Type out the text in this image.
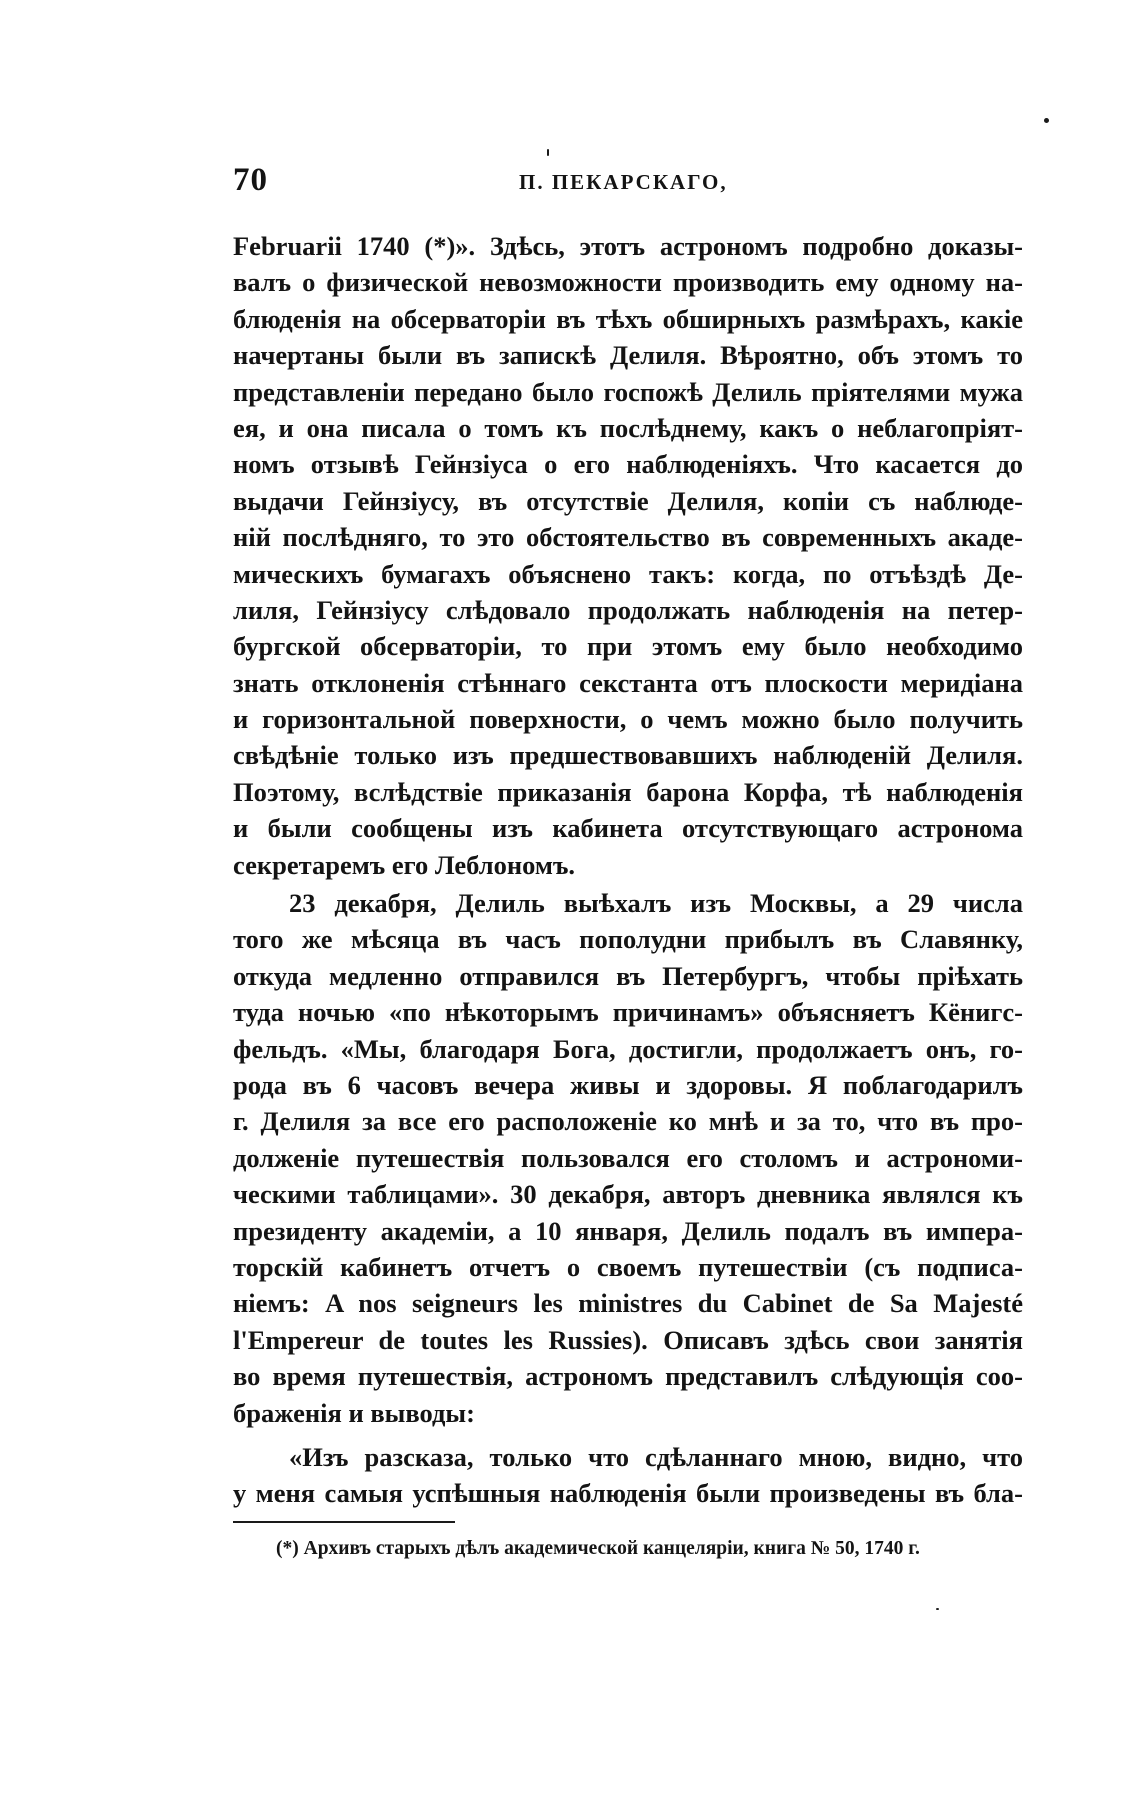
70	П. ПЕКАРСКАГО,
Februarii 1740 (*)». Здѣсь, этотъ астрономъ подробно доказы-
валъ о физической невозможности производить ему одному на-
блюденія на обсерваторіи въ тѣхъ обширныхъ размѣрахъ, какіе
начертаны были въ запискѣ Делиля. Вѣроятно, объ этомъ то
представленіи передано было госпожѣ Делиль пріятелями мужа
ея, и она писала о томъ къ послѣднему, какъ о неблагопріят-
номъ отзывѣ Гейнзіуса о его наблюденіяхъ. Что касается до
выдачи Гейнзіусу, въ отсутствіе Делиля, копіи съ наблюде-
ній послѣдняго, то это обстоятельство въ современныхъ акаде-
мическихъ бумагахъ объяснено такъ: когда, по отъѣздѣ Де-
лиля, Гейнзіусу слѣдовало продолжать наблюденія на петер-
бургской обсерваторіи, то при этомъ ему было необходимо
знать отклоненія стѣннаго секстанта отъ плоскости меридіана
и горизонтальной поверхности, о чемъ можно было получить
свѣдѣніе только изъ предшествовавшихъ наблюденій Делиля.
Поэтому, вслѣдствіе приказанія барона Корфа, тѣ наблюденія
и были сообщены изъ кабинета отсутствующаго астронома
секретаремъ его Леблономъ.
23 декабря, Делиль выѣхалъ изъ Москвы, а 29 числа
того же мѣсяца въ часъ пополудни прибылъ въ Славянку,
откуда медленно отправился въ Петербургъ, чтобы пріѣхать
туда ночью «по нѣкоторымъ причинамъ» объясняетъ Кёнигс-
фельдъ. «Мы, благодаря Бога, достигли, продолжаетъ онъ, го-
рода въ 6 часовъ вечера живы и здоровы. Я поблагодарилъ
г. Делиля за все его расположеніе ко мнѣ и за то, что въ про-
долженіе путешествія пользовался его столомъ и астрономи-
ческими таблицами». 30 декабря, авторъ дневника являлся къ
президенту академіи, а 10 января, Делиль подалъ въ импера-
торскій кабинетъ отчетъ о своемъ путешествіи (съ подписа-
ніемъ: A nos seigneurs les ministres du Cabinet de Sa Majesté
l'Empereur de toutes les Russies). Описавъ здѣсь свои занятія
во время путешествія, астрономъ представилъ слѣдующія соо-
браженія и выводы:
«Изъ разсказа, только что сдѣланнаго мною, видно, что
у меня самыя успѣшныя наблюденія были произведены въ бла-
(*) Архивъ старыхъ дѣлъ академической канцеляріи, книга № 50, 1740 г.
